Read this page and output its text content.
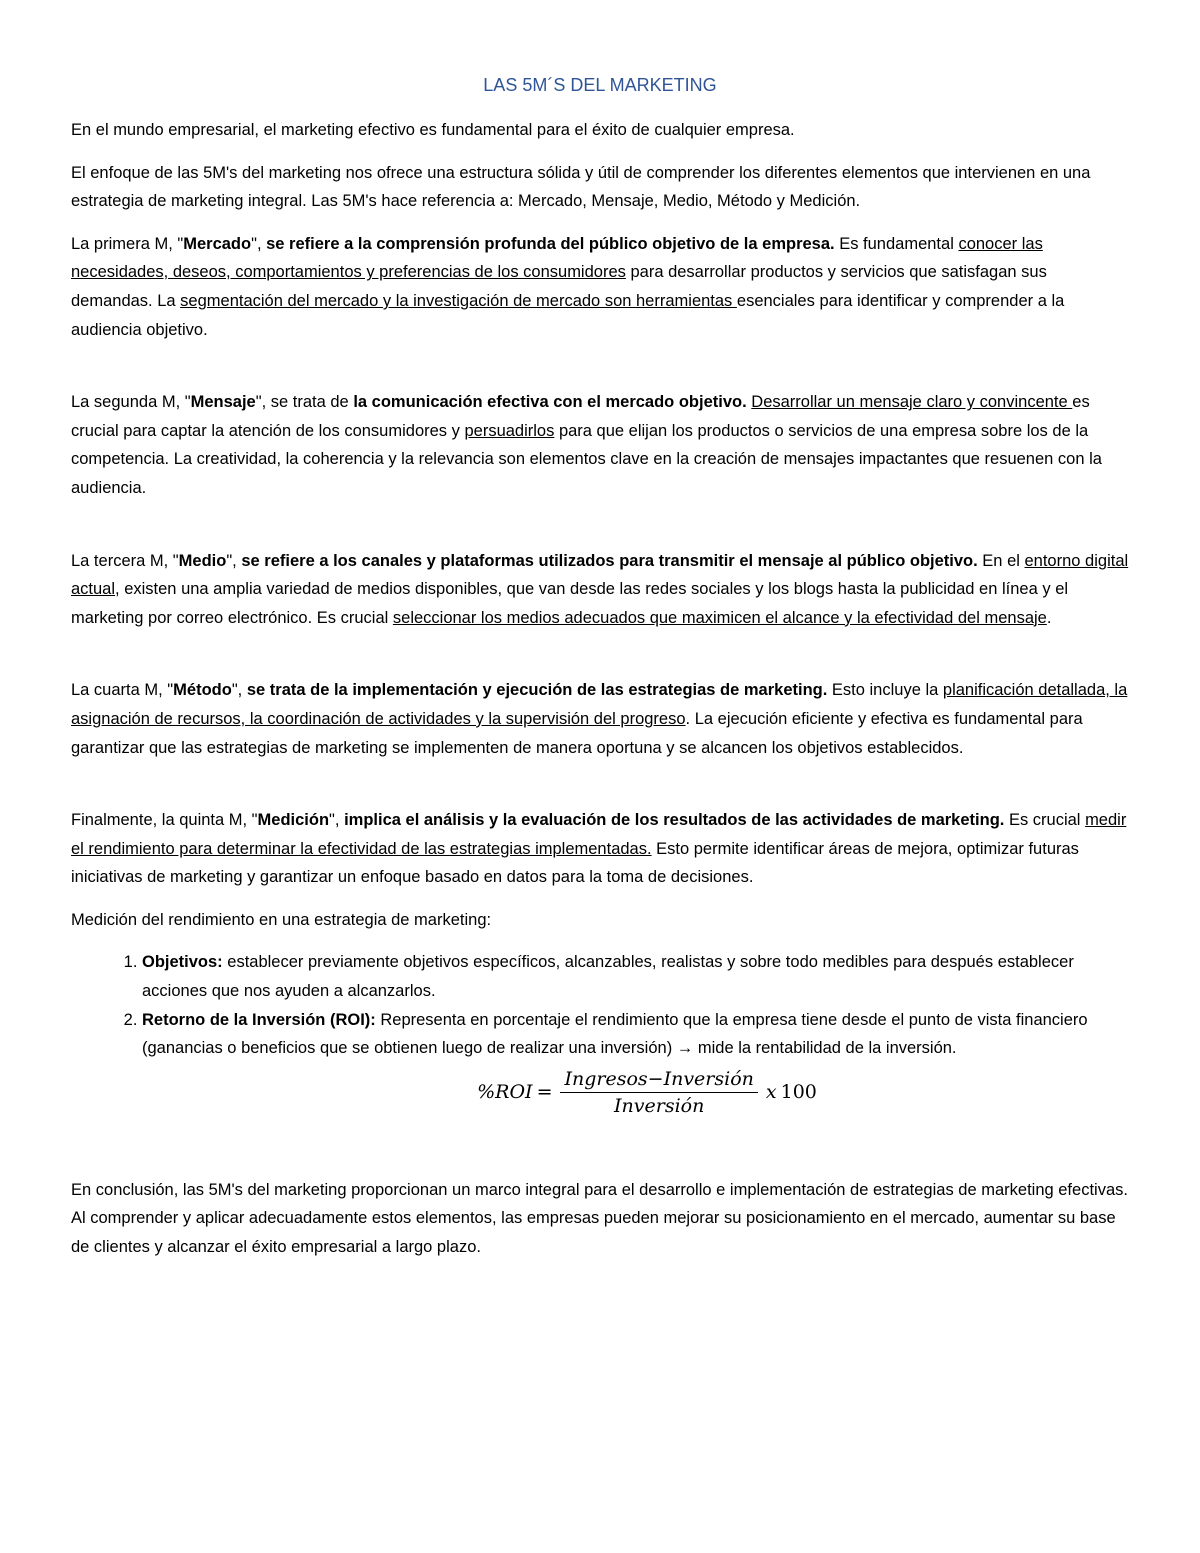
LAS 5M´S DEL MARKETING

En el mundo empresarial, el marketing efectivo es fundamental para el éxito de cualquier empresa.

El enfoque de las 5M's del marketing nos ofrece una estructura sólida y útil de comprender los diferentes elementos que intervienen en una estrategia de marketing integral. Las 5M's hace referencia a: Mercado, Mensaje, Medio, Método y Medición.

La primera M, "Mercado", se refiere a la comprensión profunda del público objetivo de la empresa. Es fundamental conocer las necesidades, deseos, comportamientos y preferencias de los consumidores para desarrollar productos y servicios que satisfagan sus demandas. La segmentación del mercado y la investigación de mercado son herramientas esenciales para identificar y comprender a la audiencia objetivo.

La segunda M, "Mensaje", se trata de la comunicación efectiva con el mercado objetivo. Desarrollar un mensaje claro y convincente es crucial para captar la atención de los consumidores y persuadirlos para que elijan los productos o servicios de una empresa sobre los de la competencia. La creatividad, la coherencia y la relevancia son elementos clave en la creación de mensajes impactantes que resuenen con la audiencia.

La tercera M, "Medio", se refiere a los canales y plataformas utilizados para transmitir el mensaje al público objetivo. En el entorno digital actual, existen una amplia variedad de medios disponibles, que van desde las redes sociales y los blogs hasta la publicidad en línea y el marketing por correo electrónico. Es crucial seleccionar los medios adecuados que maximicen el alcance y la efectividad del mensaje.

La cuarta M, "Método", se trata de la implementación y ejecución de las estrategias de marketing. Esto incluye la planificación detallada, la asignación de recursos, la coordinación de actividades y la supervisión del progreso. La ejecución eficiente y efectiva es fundamental para garantizar que las estrategias de marketing se implementen de manera oportuna y se alcancen los objetivos establecidos.

Finalmente, la quinta M, "Medición", implica el análisis y la evaluación de los resultados de las actividades de marketing. Es crucial medir el rendimiento para determinar la efectividad de las estrategias implementadas. Esto permite identificar áreas de mejora, optimizar futuras iniciativas de marketing y garantizar un enfoque basado en datos para la toma de decisiones.

Medición del rendimiento en una estrategia de marketing:

1. Objetivos: establecer previamente objetivos específicos, alcanzables, realistas y sobre todo medibles para después establecer acciones que nos ayuden a alcanzarlos.
2. Retorno de la Inversión (ROI): Representa en porcentaje el rendimiento que la empresa tiene desde el punto de vista financiero (ganancias o beneficios que se obtienen luego de realizar una inversión) → mide la rentabilidad de la inversión.
$\%ROI = \frac{\text{Ingresos−Inversión}}{\text{Inversión}}$ x 100

En conclusión, las 5M's del marketing proporcionan un marco integral para el desarrollo e implementación de estrategias de marketing efectivas. Al comprender y aplicar adecuadamente estos elementos, las empresas pueden mejorar su posicionamiento en el mercado, aumentar su base de clientes y alcanzar el éxito empresarial a largo plazo.
